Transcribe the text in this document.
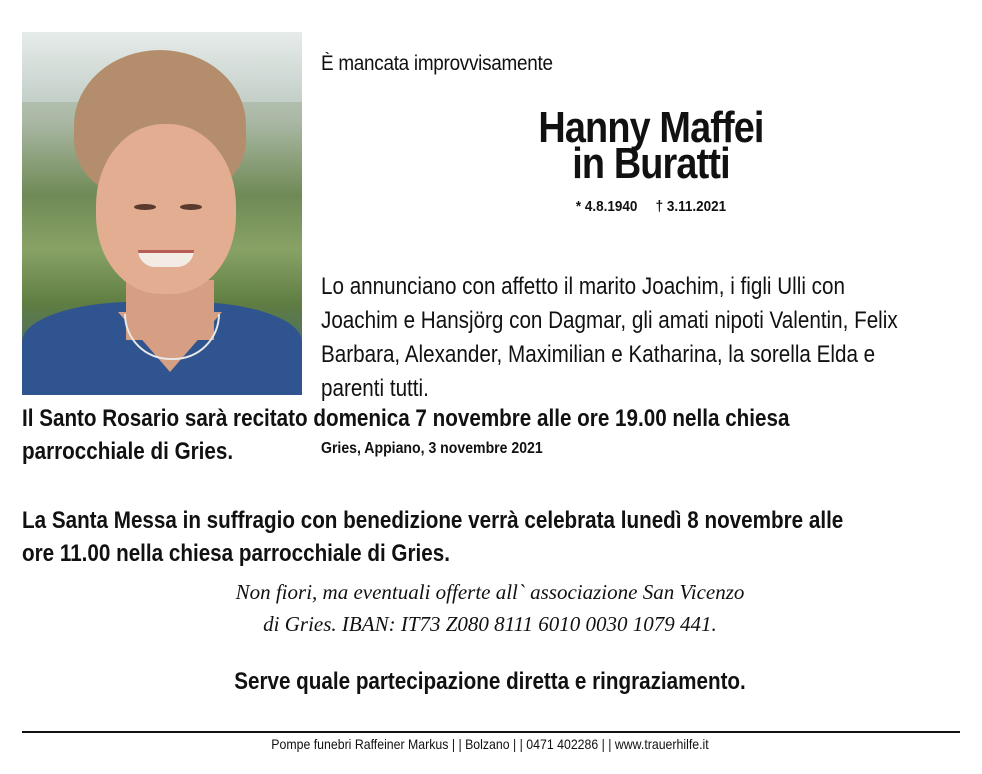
È mancata improvvisamente

Hanny Maffei
in Buratti
* 4.8.1940 † 3.11.2021
Lo annunciano con affetto il marito Joachim, i figli Ulli con
Joachim e Hansjörg con Dagmar, gli amati nipoti Valentin, Felix
Barbara, Alexander, Maximilian e Katharina, la sorella Elda e
parenti tutti.
Il Santo Rosario sarà recitato domenica 7 novembre alle ore 19.00 nella chiesa
parrocchiale di Gries.	Gries, Appiano, 3 novembre 2021

La Santa Messa in suffragio con benedizione verrà celebrata lunedì 8 novembre alle
ore 11.00 nella chiesa parrocchiale di Gries.
Non fiori, ma eventuali offerte all` associazione San Vicenzo
di Gries. IBAN: IT73 Z080 8111 6010 0030 1079 441.

Serve quale partecipazione diretta e ringraziamento.

Pompe funebri Raffeiner Markus | | Bolzano | | 0471 402286 | | www.trauerhilfe.it
